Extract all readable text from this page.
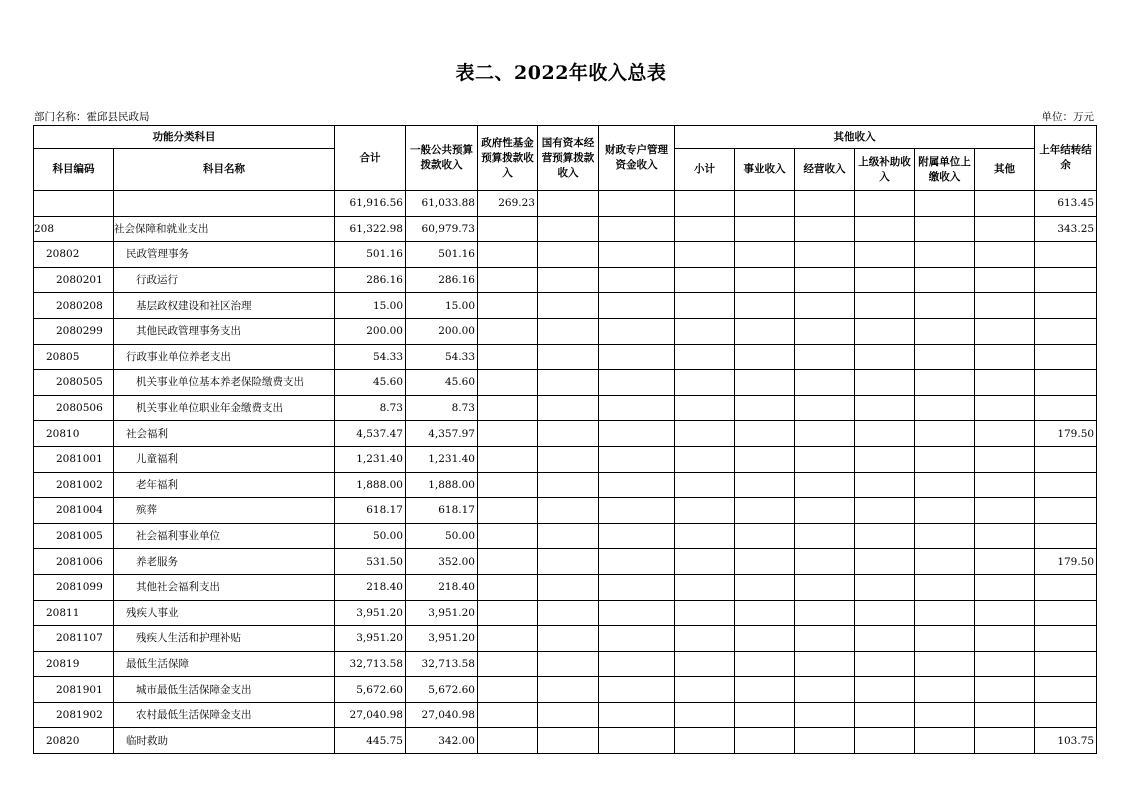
表二、2022年收入总表
部门名称：霍邱县民政局	单位：万元
功能分类科目		合计	一般公共预算拨款收入	政府性基金预算拨款收入	国有资本经营预算拨款收入	财政专户管理资金收入	其他收入						上年结转结余
科目编码	科目名称						小计	事业收入	经营收入	上级补助收入	附属单位上缴收入	其他	
		61,916.56	61,033.88	269.23									613.45
208	社会保障和就业支出	61,322.98	60,979.73										343.25
20802	民政管理事务	501.16	501.16										
2080201	行政运行	286.16	286.16										
2080208	基层政权建设和社区治理	15.00	15.00										
2080299	其他民政管理事务支出	200.00	200.00										
20805	行政事业单位养老支出	54.33	54.33										
2080505	机关事业单位基本养老保险缴费支出	45.60	45.60										
2080506	机关事业单位职业年金缴费支出	8.73	8.73										
20810	社会福利	4,537.47	4,357.97										179.50
2081001	儿童福利	1,231.40	1,231.40										
2081002	老年福利	1,888.00	1,888.00										
2081004	殡葬	618.17	618.17										
2081005	社会福利事业单位	50.00	50.00										
2081006	养老服务	531.50	352.00										179.50
2081099	其他社会福利支出	218.40	218.40										
20811	残疾人事业	3,951.20	3,951.20										
2081107	残疾人生活和护理补贴	3,951.20	3,951.20										
20819	最低生活保障	32,713.58	32,713.58										
2081901	城市最低生活保障金支出	5,672.60	5,672.60										
2081902	农村最低生活保障金支出	27,040.98	27,040.98										
20820	临时救助	445.75	342.00										103.75
